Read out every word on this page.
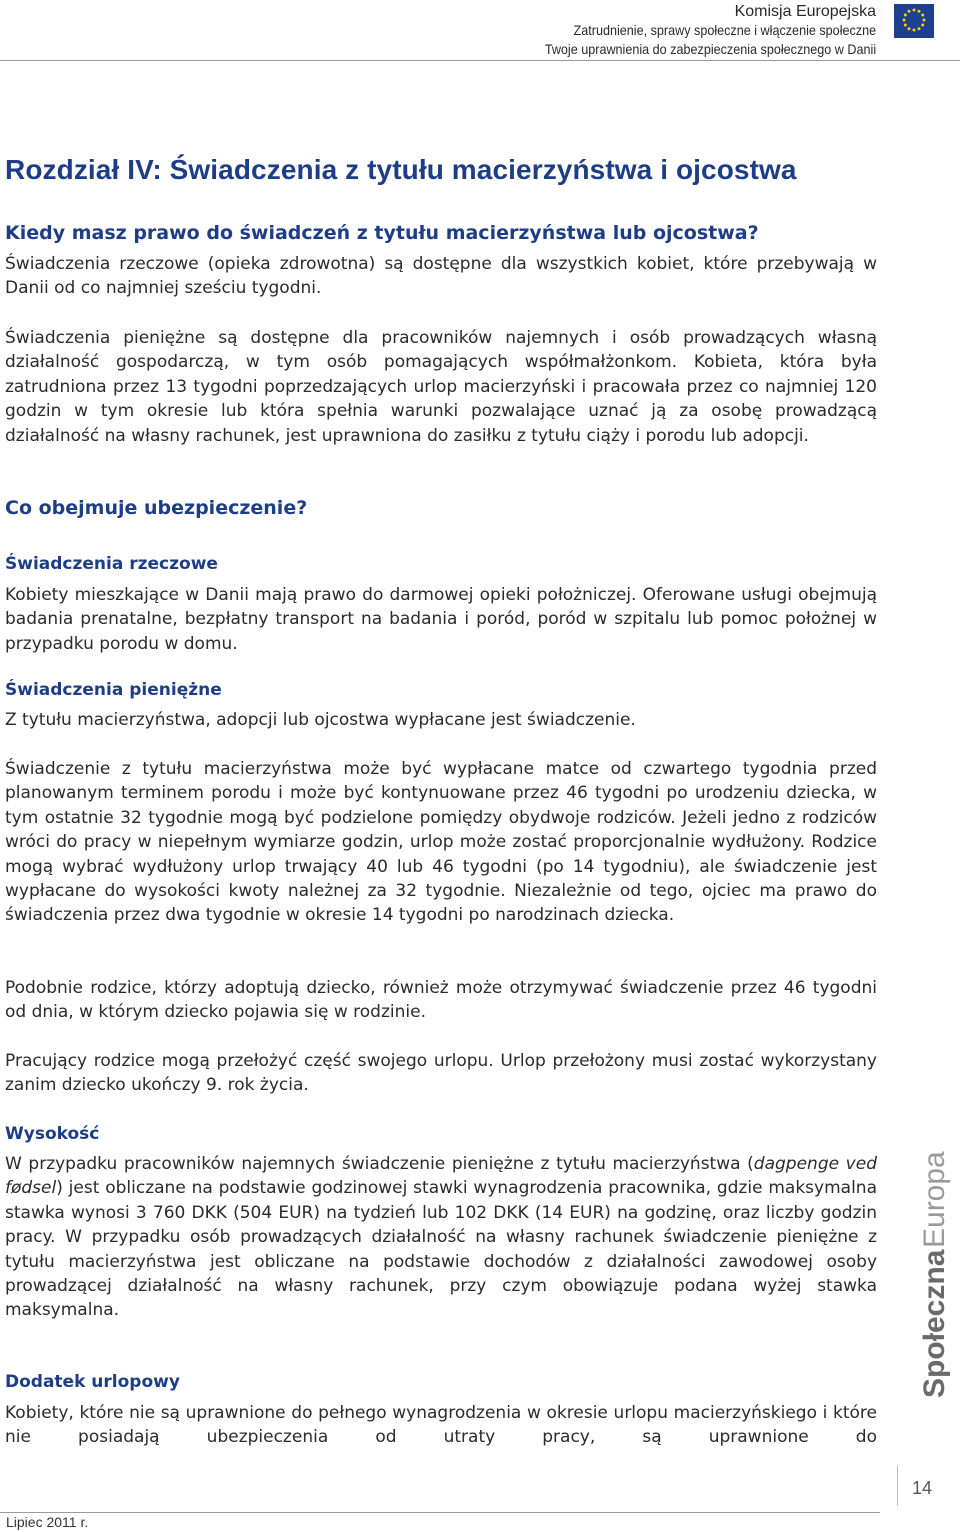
Komisja Europejska
Zatrudnienie, sprawy społeczne i włączenie społeczne
Twoje uprawnienia do zabezpieczenia społecznego w Danii
Rozdział IV: Świadczenia z tytułu macierzyństwa i ojcostwa
Kiedy masz prawo do świadczeń z tytułu macierzyństwa lub ojcostwa?

Świadczenia rzeczowe (opieka zdrowotna) są dostępne dla wszystkich kobiet, które przebywają w Danii od co najmniej sześciu tygodni.

Świadczenia pieniężne są dostępne dla pracowników najemnych i osób prowadzących własną działalność gospodarczą, w tym osób pomagających współmałżonkom. Kobieta, która była zatrudniona przez 13 tygodni poprzedzających urlop macierzyński i pracowała przez co najmniej 120 godzin w tym okresie lub która spełnia warunki pozwalające uznać ją za osobę prowadzącą działalność na własny rachunek, jest uprawniona do zasiłku z tytułu ciąży i porodu lub adopcji.

Co obejmuje ubezpieczenie?
Świadczenia rzeczowe

Kobiety mieszkające w Danii mają prawo do darmowej opieki położniczej. Oferowane usługi obejmują badania prenatalne, bezpłatny transport na badania i poród, poród w szpitalu lub pomoc położnej w przypadku porodu w domu.

Świadczenia pieniężne

Z tytułu macierzyństwa, adopcji lub ojcostwa wypłacane jest świadczenie.

Świadczenie z tytułu macierzyństwa może być wypłacane matce od czwartego tygodnia przed planowanym terminem porodu i może być kontynuowane przez 46 tygodni po urodzeniu dziecka, w tym ostatnie 32 tygodnie mogą być podzielone pomiędzy obydwoje rodziców. Jeżeli jedno z rodziców wróci do pracy w niepełnym wymiarze godzin, urlop może zostać proporcjonalnie wydłużony. Rodzice mogą wybrać wydłużony urlop trwający 40 lub 46 tygodni (po 14 tygodniu), ale świadczenie jest wypłacane do wysokości kwoty należnej za 32 tygodnie. Niezależnie od tego, ojciec ma prawo do świadczenia przez dwa tygodnie w okresie 14 tygodni po narodzinach dziecka.

Podobnie rodzice, którzy adoptują dziecko, również może otrzymywać świadczenie przez 46 tygodni od dnia, w którym dziecko pojawia się w rodzinie.

Pracujący rodzice mogą przełożyć część swojego urlopu. Urlop przełożony musi zostać wykorzystany zanim dziecko ukończy 9. rok życia.

Wysokość

W przypadku pracowników najemnych świadczenie pieniężne z tytułu macierzyństwa (dagpenge ved fødsel) jest obliczane na podstawie godzinowej stawki wynagrodzenia pracownika, gdzie maksymalna stawka wynosi 3 760 DKK (504 EUR) na tydzień lub 102 DKK (14 EUR) na godzinę, oraz liczby godzin pracy. W przypadku osób prowadzących działalność na własny rachunek świadczenie pieniężne z tytułu macierzyństwa jest obliczane na podstawie dochodów z działalności zawodowej osoby prowadzącej działalność na własny rachunek, przy czym obowiązuje podana wyżej stawka maksymalna.

Dodatek urlopowy

Kobiety, które nie są uprawnione do pełnego wynagrodzenia w okresie urlopu macierzyńskiego i które nie posiadają ubezpieczenia od utraty pracy, są uprawnione do

Społeczna
Europa
14
Lipiec 2011 r.
